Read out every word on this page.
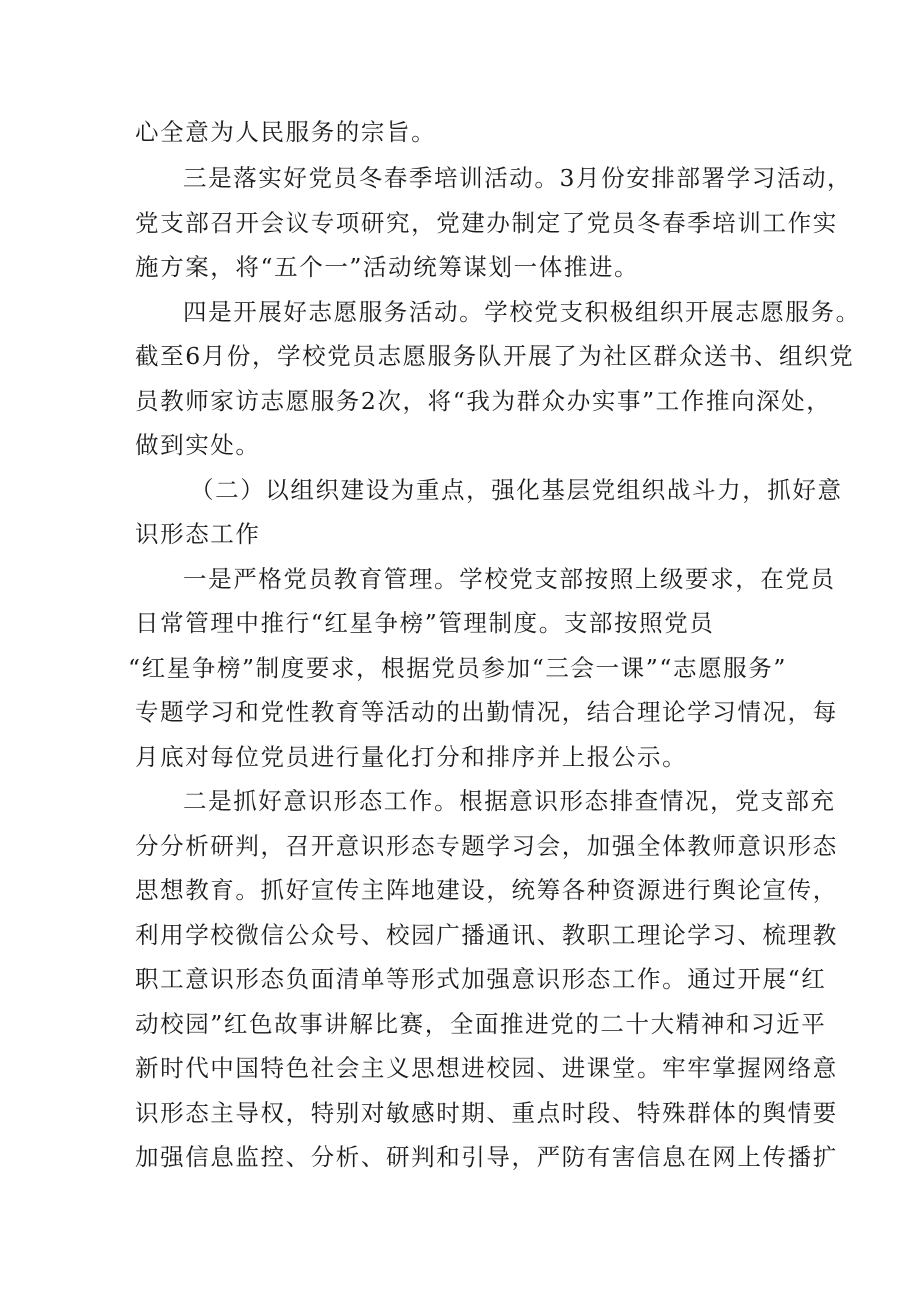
心全意为人民服务的宗旨。
三是落实好党员冬春季培训活动。3月份安排部署学习活动，
党支部召开会议专项研究，党建办制定了党员冬春季培训工作实
施方案，将“五个一”活动统筹谋划一体推进。
四是开展好志愿服务活动。学校党支积极组织开展志愿服务。
截至6月份，学校党员志愿服务队开展了为社区群众送书、组织党
员教师家访志愿服务2次，将“我为群众办实事”工作推向深处，
做到实处。
（二）以组织建设为重点，强化基层党组织战斗力，抓好意
识形态工作
一是严格党员教育管理。学校党支部按照上级要求，在党员
日常管理中推行“红星争榜”管理制度。支部按照党员
“红星争榜”制度要求，根据党员参加“三会一课”“志愿服务”
专题学习和党性教育等活动的出勤情况，结合理论学习情况，每
月底对每位党员进行量化打分和排序并上报公示。
二是抓好意识形态工作。根据意识形态排查情况，党支部充
分分析研判，召开意识形态专题学习会，加强全体教师意识形态
思想教育。抓好宣传主阵地建设，统筹各种资源进行舆论宣传，
利用学校微信公众号、校园广播通讯、教职工理论学习、梳理教
职工意识形态负面清单等形式加强意识形态工作。通过开展“红
动校园”红色故事讲解比赛，全面推进党的二十大精神和习近平
新时代中国特色社会主义思想进校园、进课堂。牢牢掌握网络意
识形态主导权，特别对敏感时期、重点时段、特殊群体的舆情要
加强信息监控、分析、研判和引导，严防有害信息在网上传播扩
